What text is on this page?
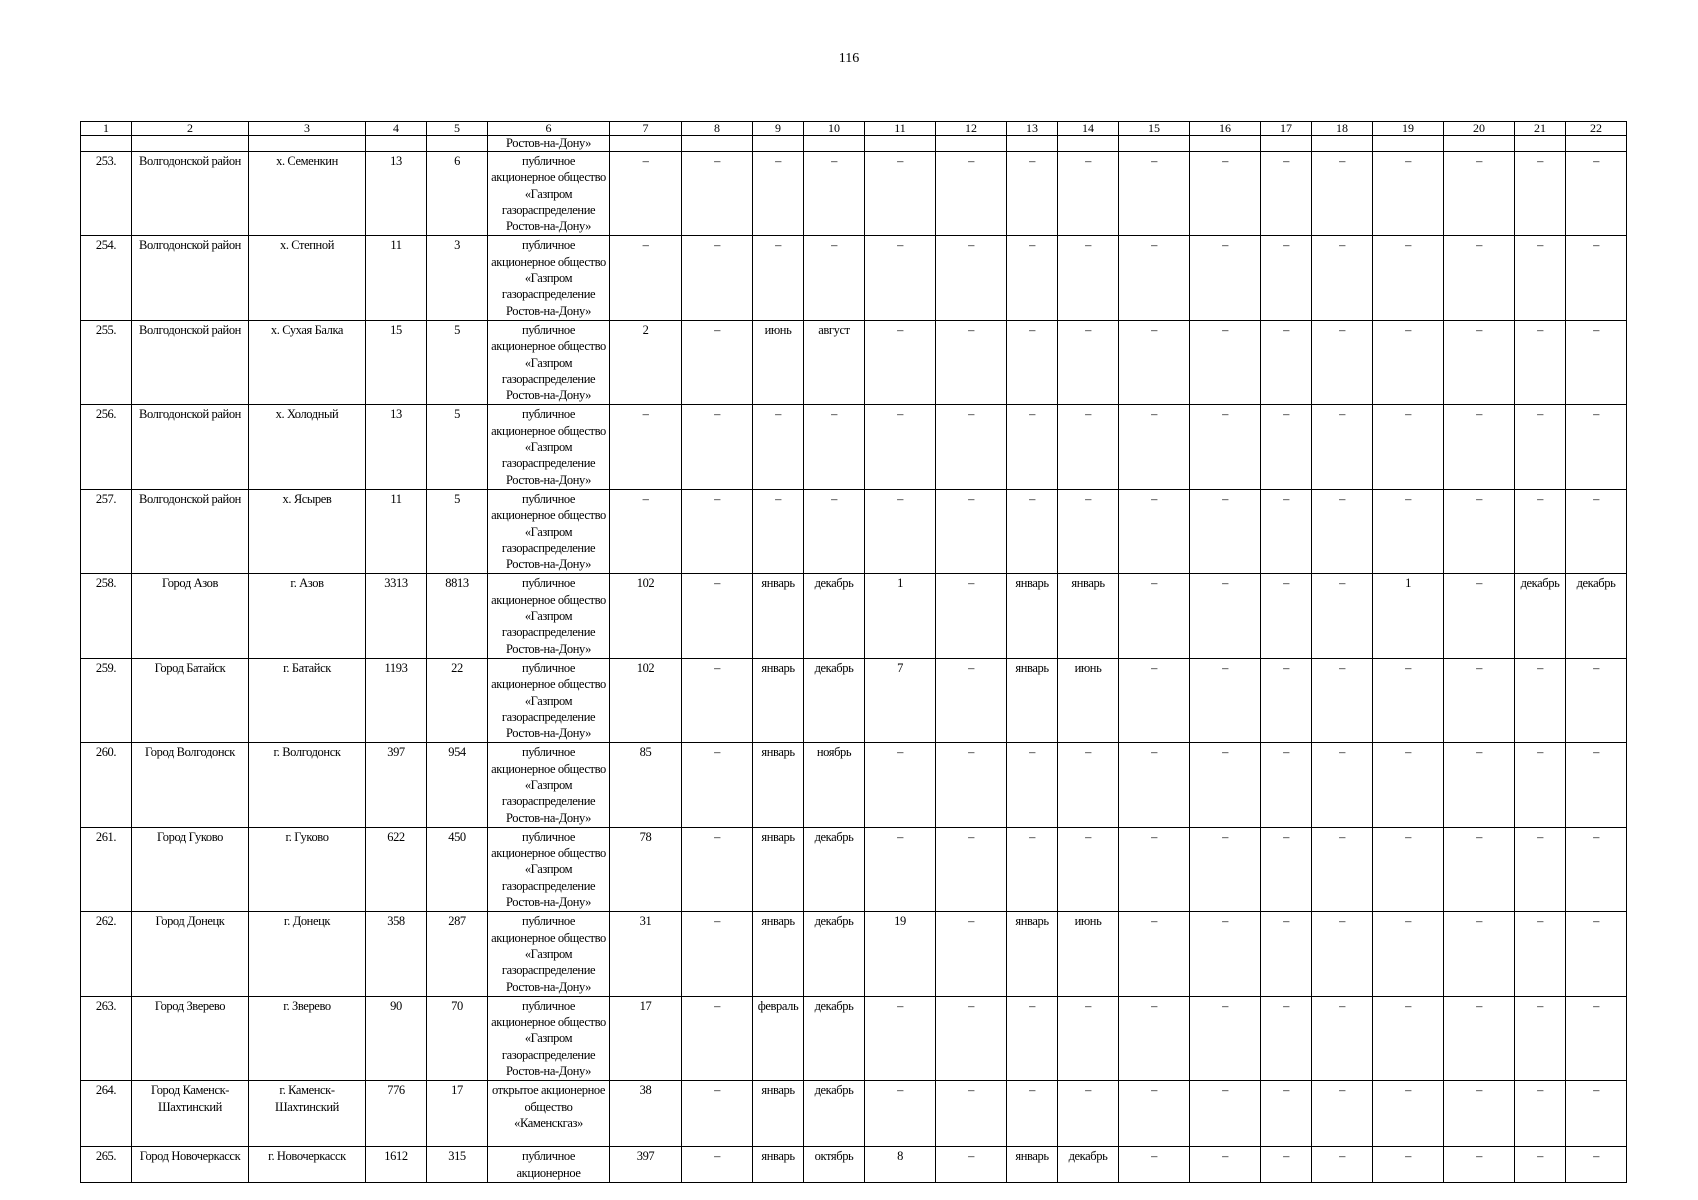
116
1	2	3	4	5	6	7	8	9	10	11	12	13	14	15	16	17	18	19	20	21	22
					Ростов-на-Дону»																
253.	Волгодонской район	х. Семенкин	13	6	публичное акционерное общество «Газпром газораспределение Ростов-на-Дону»	–	–	–	–	–	–	–	–	–	–	–	–	–	–	–	–
254.	Волгодонской район	х. Степной	11	3	публичное акционерное общество «Газпром газораспределение Ростов-на-Дону»	–	–	–	–	–	–	–	–	–	–	–	–	–	–	–	–
255.	Волгодонской район	х. Сухая Балка	15	5	публичное акционерное общество «Газпром газораспределение Ростов-на-Дону»	2	–	июнь	август	–	–	–	–	–	–	–	–	–	–	–	–
256.	Волгодонской район	х. Холодный	13	5	публичное акционерное общество «Газпром газораспределение Ростов-на-Дону»	–	–	–	–	–	–	–	–	–	–	–	–	–	–	–	–
257.	Волгодонской район	х. Ясырев	11	5	публичное акционерное общество «Газпром газораспределение Ростов-на-Дону»	–	–	–	–	–	–	–	–	–	–	–	–	–	–	–	–
258.	Город Азов	г. Азов	3313	8813	публичное акционерное общество «Газпром газораспределение Ростов-на-Дону»	102	–	январь	декабрь	1	–	январь	январь	–	–	–	–	1	–	декабрь	декабрь
259.	Город Батайск	г. Батайск	1193	22	публичное акционерное общество «Газпром газораспределение Ростов-на-Дону»	102	–	январь	декабрь	7	–	январь	июнь	–	–	–	–	–	–	–	–
260.	Город Волгодонск	г. Волгодонск	397	954	публичное акционерное общество «Газпром газораспределение Ростов-на-Дону»	85	–	январь	ноябрь	–	–	–	–	–	–	–	–	–	–	–	–
261.	Город Гуково	г. Гуково	622	450	публичное акционерное общество «Газпром газораспределение Ростов-на-Дону»	78	–	январь	декабрь	–	–	–	–	–	–	–	–	–	–	–	–
262.	Город Донецк	г. Донецк	358	287	публичное акционерное общество «Газпром газораспределение Ростов-на-Дону»	31	–	январь	декабрь	19	–	январь	июнь	–	–	–	–	–	–	–	–
263.	Город Зверево	г. Зверево	90	70	публичное акционерное общество «Газпром газораспределение Ростов-на-Дону»	17	–	февраль	декабрь	–	–	–	–	–	–	–	–	–	–	–	–
264.	Город Каменск-Шахтинский	г. Каменск-Шахтинский	776	17	открытое акционерное общество «Каменскгаз»	38	–	январь	декабрь	–	–	–	–	–	–	–	–	–	–	–	–
265.	Город Новочеркасск	г. Новочеркасск	1612	315	публичное акционерное	397	–	январь	октябрь	8	–	январь	декабрь	–	–	–	–	–	–	–	–
